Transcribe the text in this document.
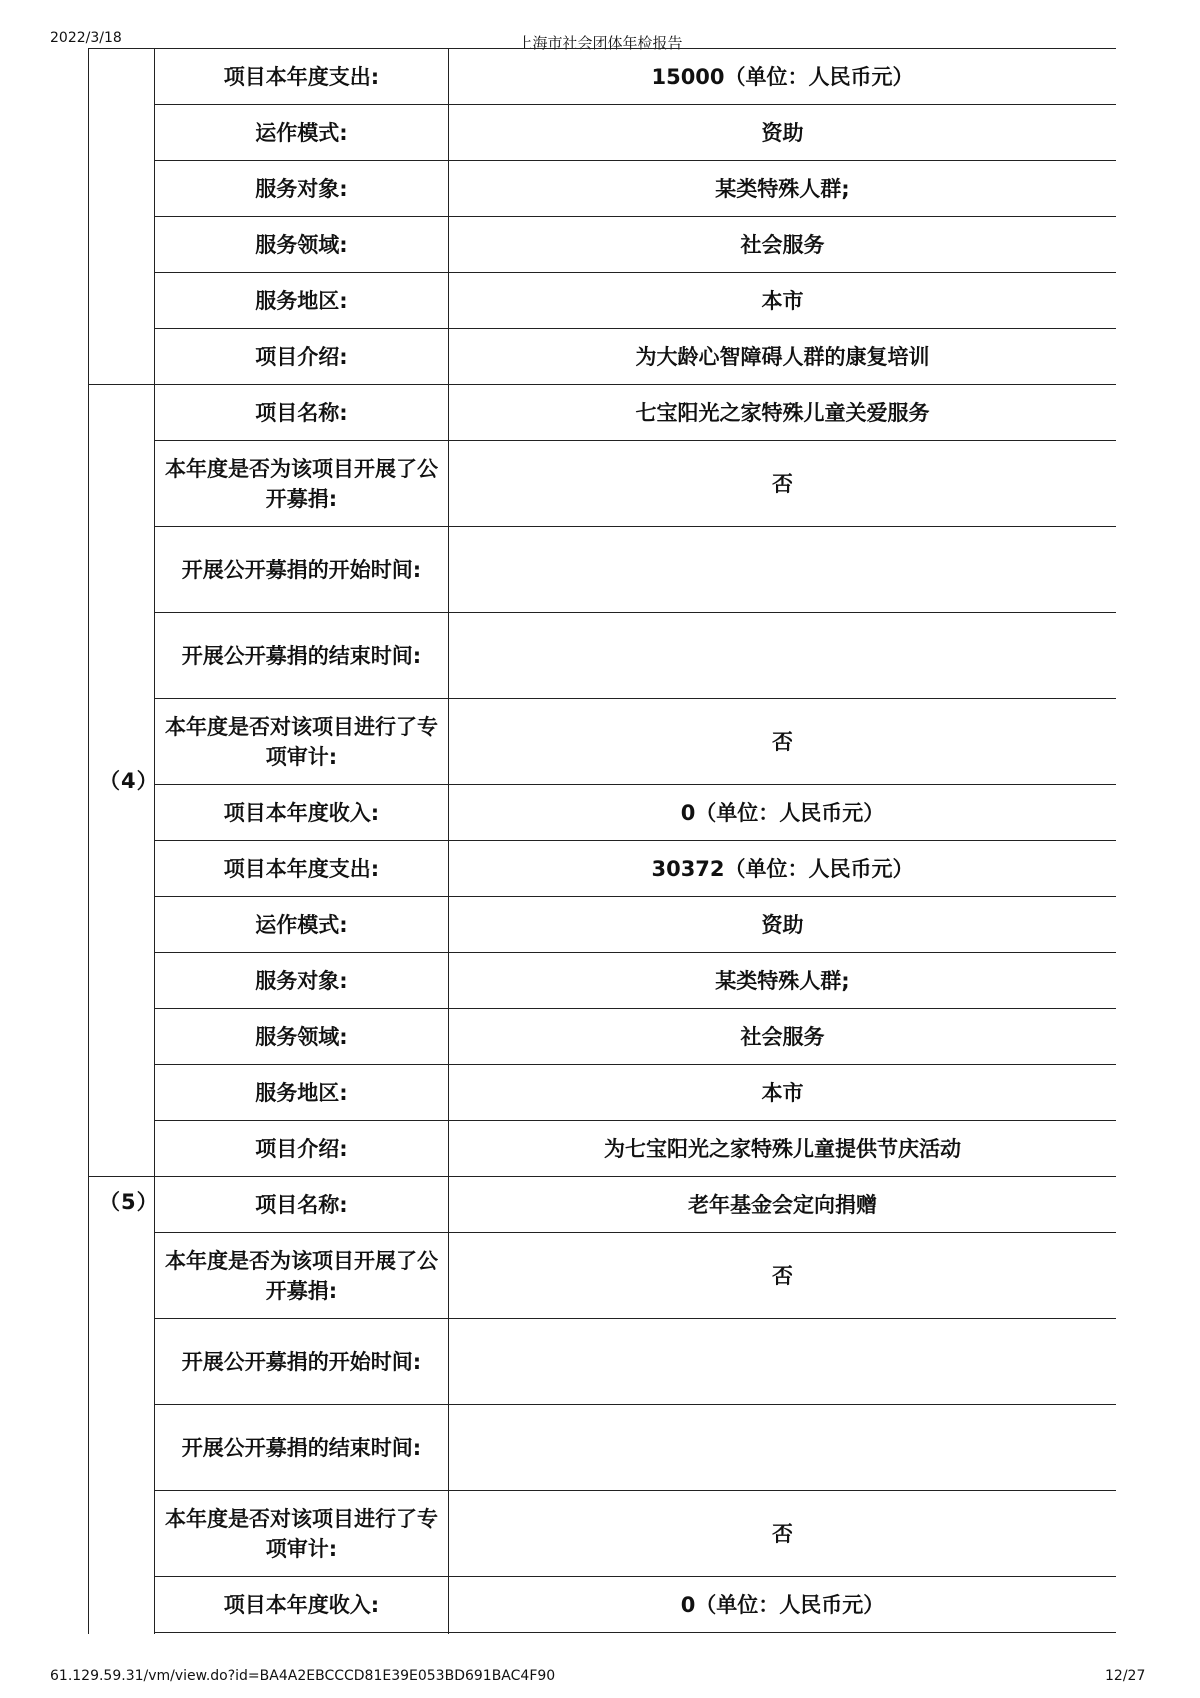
2022/3/18	上海市社会团体年检报告
	项目本年度支出:	15000（单位：人民币元）
	运作模式:	资助
	服务对象:	某类特殊人群;
	服务领域:	社会服务
	服务地区:	本市
	项目介绍:	为大龄心智障碍人群的康复培训
（4）	项目名称:	七宝阳光之家特殊儿童关爱服务
	本年度是否为该项目开展了公开募捐:	否
	开展公开募捐的开始时间:	
	开展公开募捐的结束时间:	
	本年度是否对该项目进行了专项审计:	否
	项目本年度收入:	0（单位：人民币元）
	项目本年度支出:	30372（单位：人民币元）
	运作模式:	资助
	服务对象:	某类特殊人群;
	服务领域:	社会服务
	服务地区:	本市
	项目介绍:	为七宝阳光之家特殊儿童提供节庆活动
（5）	项目名称:	老年基金会定向捐赠
	本年度是否为该项目开展了公开募捐:	否
	开展公开募捐的开始时间:	
	开展公开募捐的结束时间:	
	本年度是否对该项目进行了专项审计:	否
	项目本年度收入:	0（单位：人民币元）

61.129.59.31/vm/view.do?id=BA4A2EBCCCD81E39E053BD691BAC4F90	12/27
